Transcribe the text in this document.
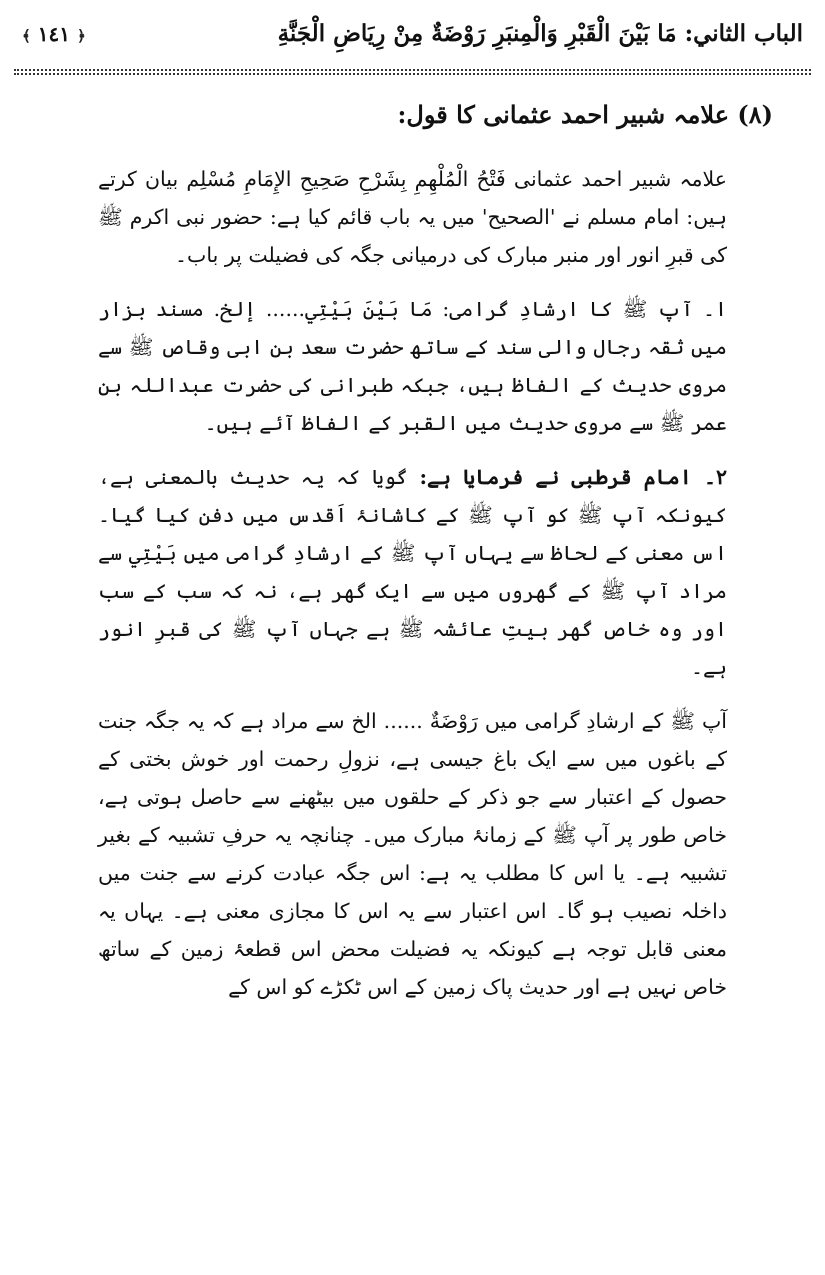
الباب الثاني: مَا بَيْنَ الْقَبْرِ وَالْمِنبَرِ رَوْضَةٌ مِنْ رِيَاضِ الْجَنَّةِ
﴾ ١٤١ ﴿
(۸) علامہ شبیر احمد عثمانی کا قول:

علامہ شبیر احمد عثمانی فَتْحُ الْمُلْهِمِ بِشَرْحِ صَحِيحِ الإِمَامِ مُسْلِم بیان کرتے ہیں: امام مسلم نے 'الصحیح' میں یہ باب قائم کیا ہے: حضور نبی اکرم ﷺ کی قبرِ انور اور منبر مبارک کی درمیانی جگہ کی فضیلت پر باب۔

ا۔ آپ ﷺ کا ارشادِ گرامی: مَا بَيْنَ بَيْتِي...... إلخ. مسند بزار میں ثقہ رجال والی سند کے ساتھ حضرت سعد بن ابی وقاص ﷺ سے مروی حدیث کے الفاظ ہیں، جبکہ طبرانی کی حضرت عبداللہ بن عمر ﷺ سے مروی حدیث میں القبر کے الفاظ آئے ہیں۔

۲۔ امام قرطبی نے فرمایا ہے: گویا کہ یہ حدیث بالمعنی ہے، کیونکہ آپ ﷺ کو آپ ﷺ کے کاشانۂ اَقدس میں دفن کیا گیا۔ اس معنی کے لحاظ سے یہاں آپ ﷺ کے ارشادِ گرامی میں بَيْتِي سے مراد آپ ﷺ کے گھروں میں سے ایک گھر ہے، نہ کہ سب کے سب اور وہ خاص گھر بیتِ عائشہ ﷺ ہے جہاں آپ ﷺ کی قبرِ انور ہے۔

آپ ﷺ کے ارشادِ گرامی میں رَوْضَةٌ ...... الخ سے مراد ہے کہ یہ جگہ جنت کے باغوں میں سے ایک باغ جیسی ہے، نزولِ رحمت اور خوش بختی کے حصول کے اعتبار سے جو ذکر کے حلقوں میں بیٹھنے سے حاصل ہوتی ہے، خاص طور پر آپ ﷺ کے زمانۂ مبارک میں۔ چنانچہ یہ حرفِ تشبیہ کے بغیر تشبیہ ہے۔ یا اس کا مطلب یہ ہے: اس جگہ عبادت کرنے سے جنت میں داخلہ نصیب ہو گا۔ اس اعتبار سے یہ اس کا مجازی معنی ہے۔ یہاں یہ معنی قابل توجہ ہے کیونکہ یہ فضیلت محض اس قطعۂ زمین کے ساتھ خاص نہیں ہے اور حدیث پاک زمین کے اس ٹکڑے کو اس کے
